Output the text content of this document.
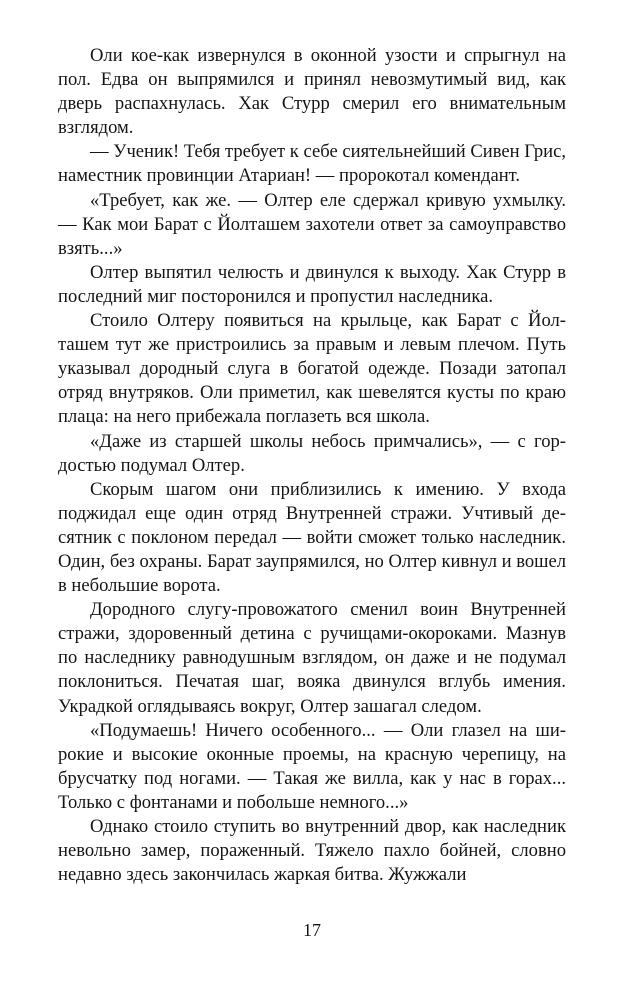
Оли кое-как извернулся в оконной узости и спрыгнул на пол. Едва он выпрямился и принял невозмутимый вид, как дверь распахнулась. Хак Стурр смерил его внимательным взглядом.

— Ученик! Тебя требует к себе сиятельнейший Сивен Грис, наместник провинции Атариан! — пророкотал комендант.

«Требует, как же. — Олтер еле сдержал кривую ухмылку. — Как мои Барат с Йолташем захотели ответ за самоуправство взять...»

Олтер выпятил челюсть и двинулся к выходу. Хак Стурр в последний миг посторонился и пропустил наследника.

Стоило Олтеру появиться на крыльце, как Барат с Йолташем тут же пристроились за правым и левым плечом. Путь указывал дородный слуга в богатой одежде. Позади затопал отряд внутряков. Оли приметил, как шевелятся кусты по краю плаца: на него прибежала поглазеть вся школа.

«Даже из старшей школы небось примчались», — с гордостью подумал Олтер.

Скорым шагом они приблизились к имению. У входа поджидал еще один отряд Внутренней стражи. Учтивый десятник с поклоном передал — войти сможет только наследник. Один, без охраны. Барат заупрямился, но Олтер кивнул и вошел в небольшие ворота.

Дородного слугу-провожатого сменил воин Внутренней стражи, здоровенный детина с ручищами-окороками. Мазнув по наследнику равнодушным взглядом, он даже и не подумал поклониться. Печатая шаг, вояка двинулся вглубь имения. Украдкой оглядываясь вокруг, Олтер зашагал следом.

«Подумаешь! Ничего особенного... — Оли глазел на широкие и высокие оконные проемы, на красную черепицу, на брусчатку под ногами. — Такая же вилла, как у нас в горах... Только с фонтанами и побольше немного...»

Однако стоило ступить во внутренний двор, как наследник невольно замер, пораженный. Тяжело пахло бойней, словно недавно здесь закончилась жаркая битва. Жужжали

17
